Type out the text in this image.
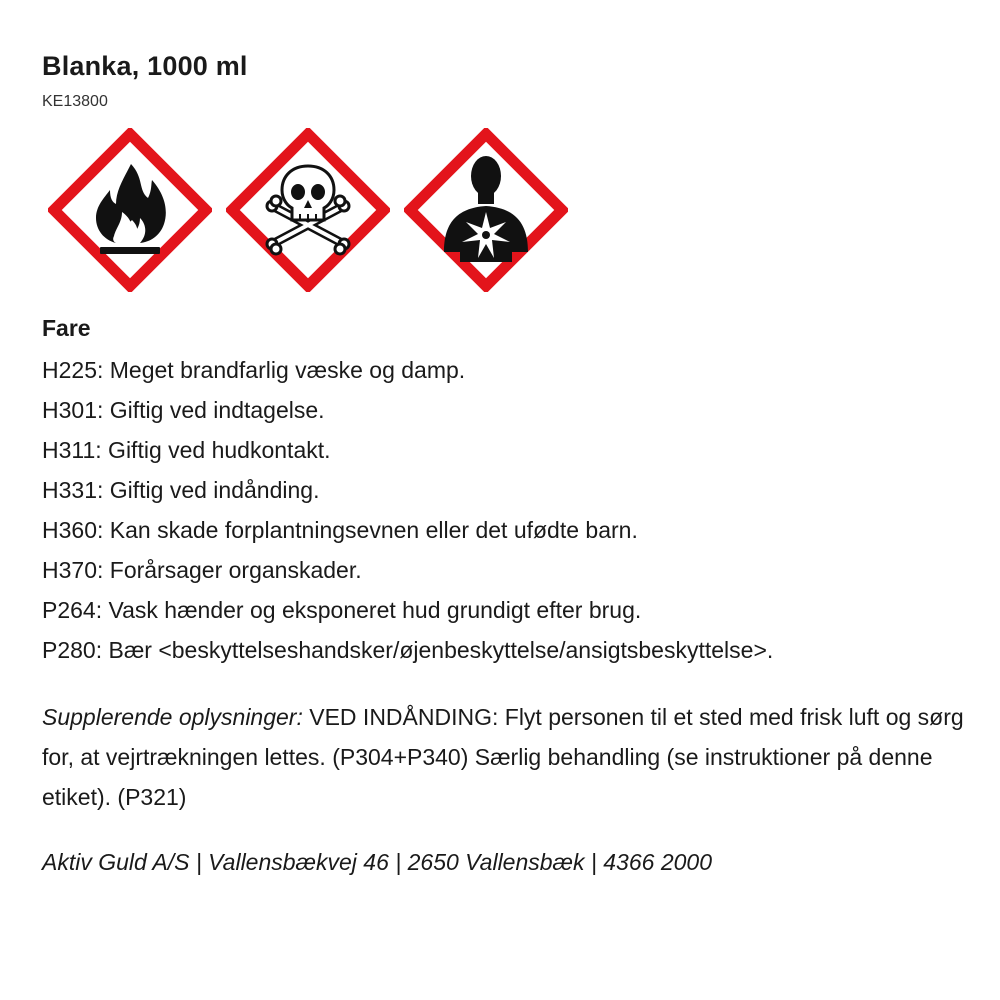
Blanka, 1000 ml
KE13800
Fare
H225: Meget brandfarlig væske og damp.
H301: Giftig ved indtagelse.
H311: Giftig ved hudkontakt.
H331: Giftig ved indånding.
H360: Kan skade forplantningsevnen eller det ufødte barn.
H370: Forårsager organskader.
P264: Vask hænder og eksponeret hud grundigt efter brug.
P280: Bær <beskyttelseshandsker/øjenbeskyttelse/ansigtsbeskyttelse>.
Supplerende oplysninger: VED INDÅNDING: Flyt personen til et sted med frisk luft og sørg for, at vejrtrækningen lettes. (P304+P340) Særlig behandling (se instruktioner på denne etiket). (P321)
Aktiv Guld A/S | Vallensbækvej 46 | 2650 Vallensbæk | 4366 2000
